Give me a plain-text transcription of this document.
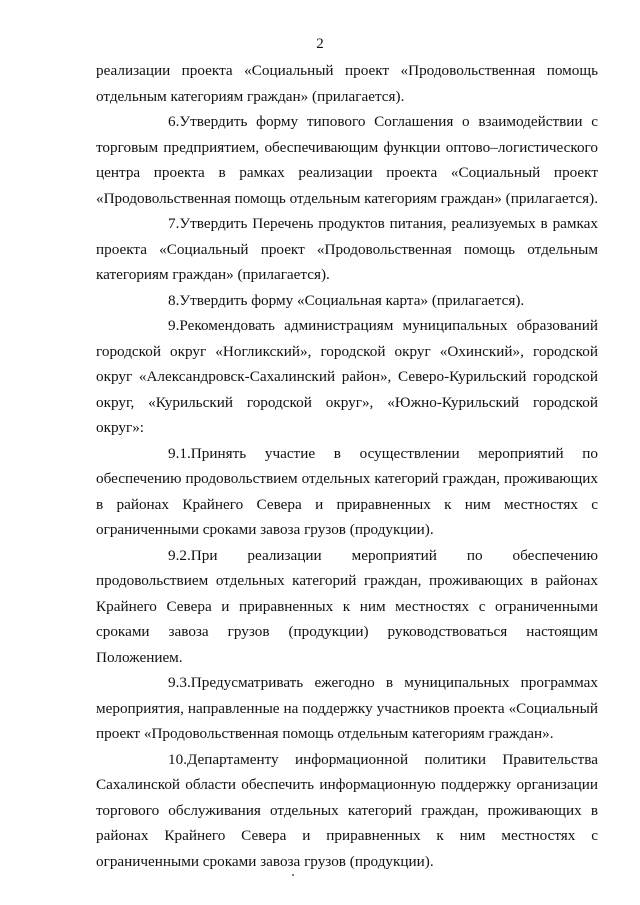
2

реализации проекта «Социальный проект «Продовольственная помощь отдельным категориям граждан» (прилагается).

6.Утвердить форму типового Соглашения о взаимодействии с торговым предприятием, обеспечивающим функции оптово–логистического центра проекта в рамках реализации проекта «Социальный проект «Продовольственная помощь отдельным категориям граждан» (прилагается).

7.Утвердить Перечень продуктов питания, реализуемых в рамках проекта «Социальный проект «Продовольственная помощь отдельным категориям граждан» (прилагается).

8.Утвердить форму «Социальная карта» (прилагается).

9.Рекомендовать администрациям муниципальных образований городской округ «Ногликский», городской округ «Охинский», городской округ «Александровск-Сахалинский район», Северо-Курильский городской округ, «Курильский городской округ», «Южно-Курильский городской округ»:

9.1.Принять участие в осуществлении мероприятий по обеспечению продовольствием отдельных категорий граждан, проживающих в районах Крайнего Севера и приравненных к ним местностях с ограниченными сроками завоза грузов (продукции).

9.2.При реализации мероприятий по обеспечению продовольствием отдельных категорий граждан, проживающих в районах Крайнего Севера и приравненных к ним местностях с ограниченными сроками завоза грузов (продукции) руководствоваться настоящим Положением.

9.3.Предусматривать ежегодно в муниципальных программах мероприятия, направленные на поддержку участников проекта «Социальный проект «Продовольственная помощь отдельным категориям граждан».

10.Департаменту информационной политики Правительства Сахалинской области обеспечить информационную поддержку организации торгового обслуживания отдельных категорий граждан, проживающих в районах Крайнего Севера и приравненных к ним местностях с ограниченными сроками завоза грузов (продукции).
